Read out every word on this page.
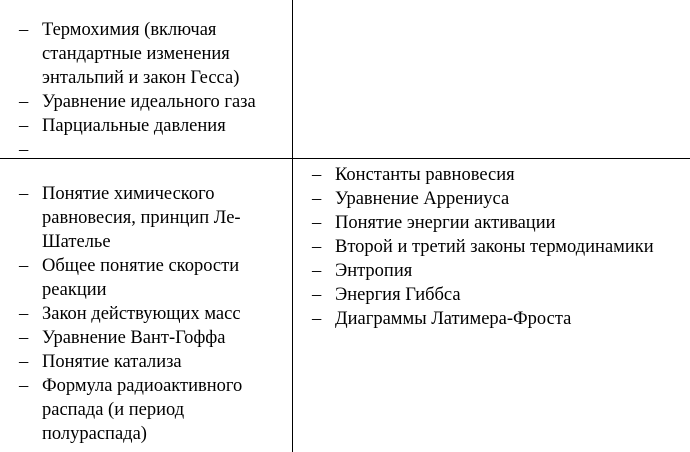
– Термохимия (включая стандартные изменения энтальпий и закон Гесса)
– Уравнение идеального газа
– Парциальные давления
–
– Понятие химического равновесия, принцип Ле-Шателье
– Общее понятие скорости реакции
– Закон действующих масс
– Уравнение Вант-Гоффа
– Понятие катализа
– Формула радиоактивного распада (и период полураспада)
– Константы равновесия
– Уравнение Аррениуса
– Понятие энергии активации
– Второй и третий законы термодинамики
– Энтропия
– Энергия Гиббса
– Диаграммы Латимера-Фроста
